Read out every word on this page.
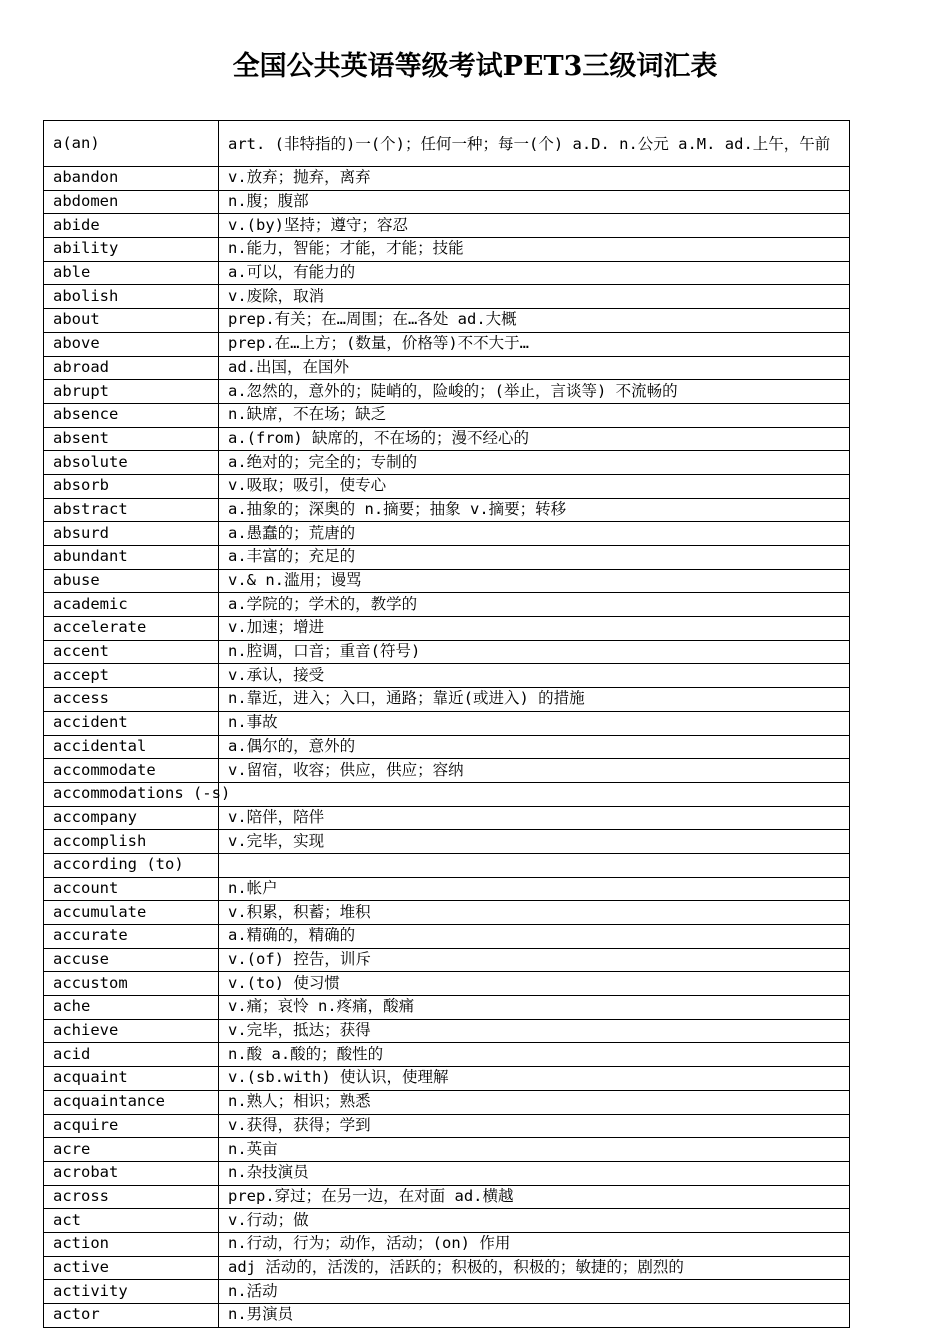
全国公共英语等级考试PET3三级词汇表
a(an)	art. (非特指的)一(个)；任何一种；每一(个) a.D. n.公元 a.M. ad.上午，午前
abandon	v.放弃；抛弃，离弃
abdomen	n.腹；腹部
abide	v.(by)坚持；遵守；容忍
ability	n.能力，智能；才能，才能；技能
able	a.可以，有能力的
abolish	v.废除，取消
about	prep.有关；在…周围；在…各处 ad.大概
above	prep.在…上方；(数量，价格等)不不大于…
abroad	ad.出国，在国外
abrupt	a.忽然的，意外的；陡峭的，险峻的；(举止，言谈等) 不流畅的
absence	n.缺席，不在场；缺乏
absent	a.(from) 缺席的，不在场的；漫不经心的
absolute	a.绝对的；完全的；专制的
absorb	v.吸取；吸引，使专心
abstract	a.抽象的；深奥的 n.摘要；抽象 v.摘要；转移
absurd	a.愚蠢的；荒唐的
abundant	a.丰富的；充足的
abuse	v.& n.滥用；谩骂
academic	a.学院的；学术的，教学的
accelerate	v.加速；增进
accent	n.腔调，口音；重音(符号)
accept	v.承认，接受
access	n.靠近，进入；入口，通路；靠近(或进入) 的措施
accident	n.事故
accidental	a.偶尔的，意外的
accommodate	v.留宿，收容；供应，供应；容纳
accommodations (-s)	
accompany	v.陪伴，陪伴
accomplish	v.完毕，实现
according (to)	
account	n.帐户
accumulate	v.积累，积蓄；堆积
accurate	a.精确的，精确的
accuse	v.(of) 控告，训斥
accustom	v.(to) 使习惯
ache	v.痛；哀怜 n.疼痛，酸痛
achieve	v.完毕，抵达；获得
acid	n.酸 a.酸的；酸性的
acquaint	v.(sb.with) 使认识，使理解
acquaintance	n.熟人；相识；熟悉
acquire	v.获得，获得；学到
acre	n.英亩
acrobat	n.杂技演员
across	prep.穿过；在另一边，在对面 ad.横越
act	v.行动；做
action	n.行动，行为；动作，活动；(on) 作用
active	adj 活动的，活泼的，活跃的；积极的，积极的；敏捷的；剧烈的
activity	n.活动
actor	n.男演员
